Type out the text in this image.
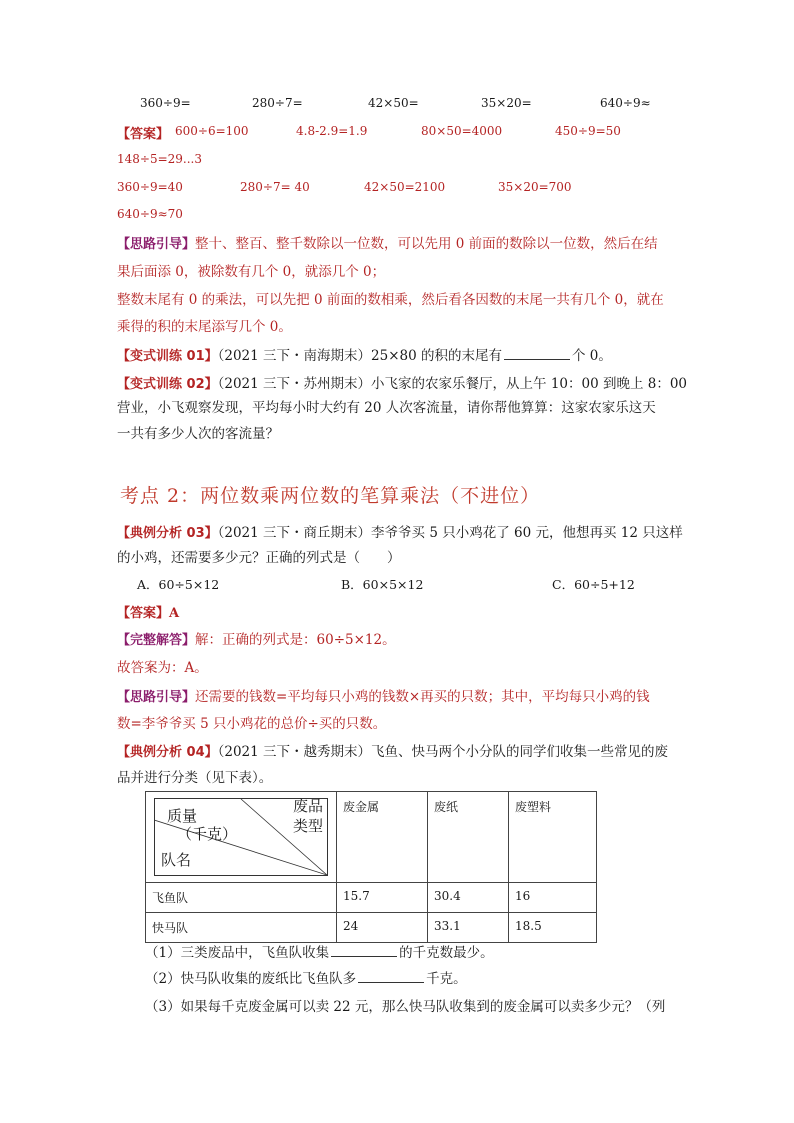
360÷9=	280÷7=	42×50=	35×20=	640÷9≈
【答案】 600÷6=100	4.8-2.9=1.9	80×50=4000	450÷9=50
148÷5=29...3
360÷9=40	280÷7= 40	42×50=2100	35×20=700
640÷9≈70
【思路引导】整十、整百、整千数除以一位数，可以先用 0 前面的数除以一位数，然后在结
果后面添 0，被除数有几个 0，就添几个 0；
整数末尾有 0 的乘法，可以先把 0 前面的数相乘，然后看各因数的末尾一共有几个 0，就在
乘得的积的末尾添写几个 0。
【变式训练 01】（2021 三下・南海期末）25×80 的积的末尾有	个 0。
【变式训练 02】（2021 三下・苏州期末）小飞家的农家乐餐厅，从上午 10：00 到晚上 8：00
营业，小飞观察发现，平均每小时大约有 20 人次客流量，请你帮他算算：这家农家乐这天
一共有多少人次的客流量？
考点 2：两位数乘两位数的笔算乘法（不进位）
【典例分析 03】（2021 三下・商丘期末）李爷爷买 5 只小鸡花了 60 元，他想再买 12 只这样
的小鸡，还需要多少元？正确的列式是（　　）
A．60÷5×12	B．60×5×12	C．60÷5+12
【答案】A
【完整解答】解：正确的列式是：60÷5×12。
故答案为：A。
【思路引导】还需要的钱数=平均每只小鸡的钱数×再买的只数；其中，平均每只小鸡的钱
数=李爷爷买 5 只小鸡花的总价÷买的只数。
【典例分析 04】（2021 三下・越秀期末）飞鱼、快马两个小分队的同学们收集一些常见的废
品并进行分类（见下表）。
废品
类型
质量
（千克）
队名	废金属	废纸	废塑料
飞鱼队	15.7	30.4	16
快马队	24	33.1	18.5
（1）三类废品中，飞鱼队收集	的千克数最少。
（2）快马队收集的废纸比飞鱼队多	千克。
（3）如果每千克废金属可以卖 22 元，那么快马队收集到的废金属可以卖多少元？（列
